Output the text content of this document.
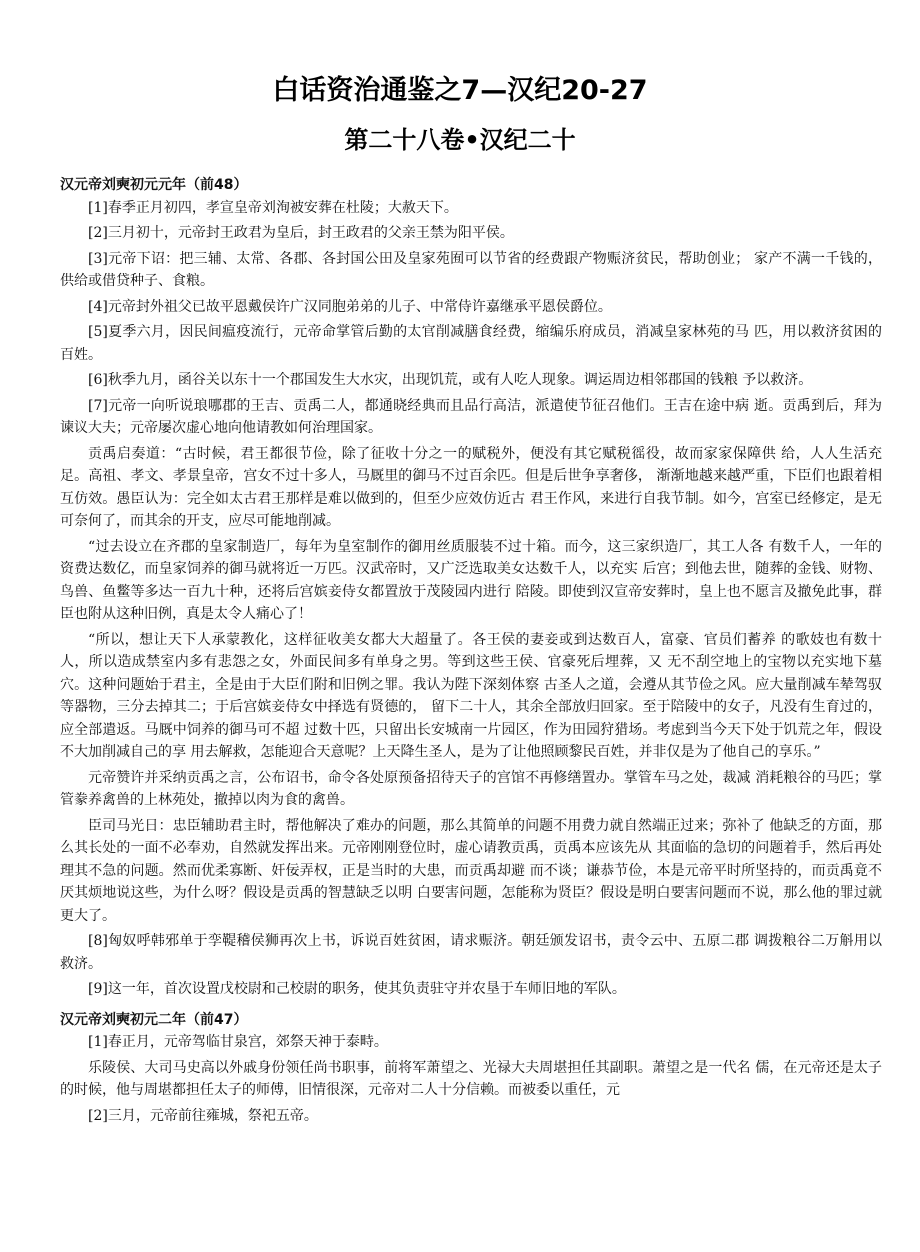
白话资治通鉴之7—汉纪20-27
第二十八卷•汉纪二十
汉元帝刘奭初元元年（前48）

[1]春季正月初四，孝宣皇帝刘洵被安葬在杜陵；大赦天下。

[2]三月初十，元帝封王政君为皇后，封王政君的父亲王禁为阳平侯。

[3]元帝下诏：把三辅、太常、各郡、各封国公田及皇家苑囿可以节省的经费跟产物赈济贫民，帮助创业； 家产不满一千钱的，供给或借贷种子、食粮。

[4]元帝封外祖父已故平恩戴侯许广汉同胞弟弟的儿子、中常侍许嘉继承平恩侯爵位。

[5]夏季六月，因民间瘟疫流行，元帝命掌管后勤的太官削减膳食经费，缩编乐府成员，消减皇家林苑的马 匹，用以救济贫困的百姓。

[6]秋季九月，函谷关以东十一个郡国发生大水灾，出现饥荒，或有人吃人现象。调运周边相邻郡国的钱粮 予以救济。

[7]元帝一向听说琅哪郡的王吉、贡禹二人，都通晓经典而且品行高洁，派遣使节征召他们。王吉在途中病 逝。贡禹到后，拜为谏议大夫；元帝屡次虚心地向他请教如何治理国家。

贡禹启奏道：“古时候，君王都很节俭，除了征收十分之一的赋税外，便没有其它赋税徭役，故而家家保障供 给，人人生活充足。高祖、孝文、孝景皇帝，宫女不过十多人，马厩里的御马不过百余匹。但是后世争享奢侈， 渐渐地越来越严重，下臣们也跟着相互仿效。愚臣认为：完全如太古君王那样是难以做到的，但至少应效仿近古 君王作风，来进行自我节制。如今，宫室已经修定，是无可奈何了，而其余的开支，应尽可能地削减。

“过去设立在齐郡的皇家制造厂，每年为皇室制作的御用丝质服装不过十箱。而今，这三家织造厂，其工人各 有数千人，一年的资费达数亿，而皇家饲养的御马就将近一万匹。汉武帝时，又广泛选取美女达数千人，以充实 后宫；到他去世，随葬的金钱、财物、鸟兽、鱼鳖等多达一百九十种，还将后宫嫔妾侍女都置放于茂陵园内进行 陪陵。即使到汉宣帝安葬时，皇上也不愿言及撤免此事，群臣也附从这种旧例，真是太令人痛心了！

“所以，想让天下人承蒙教化，这样征收美女都大大超量了。各王侯的妻妾或到达数百人，富豪、官员们蓄养 的歌妓也有数十人，所以造成禁室内多有悲怨之女，外面民间多有单身之男。等到这些王侯、官豪死后埋葬，又 无不刮空地上的宝物以充实地下墓穴。这种问题始于君主，全是由于大臣们附和旧例之罪。我认为陛下深刻体察 古圣人之道，会遵从其节俭之风。应大量削减车辇驾驭等器物，三分去掉其二；于后宫嫔妾侍女中择选有贤德的， 留下二十人，其余全部放归回家。至于陪陵中的女子，凡没有生育过的，应全部遣返。马厩中饲养的御马可不超 过数十匹，只留出长安城南一片园区，作为田园狩猎场。考虑到当今天下处于饥荒之年，假设不大加削减自己的享 用去解救，怎能迎合天意呢？上天降生圣人，是为了让他照顾黎民百姓，并非仅是为了他自己的享乐。”

元帝赞许并采纳贡禹之言，公布诏书，命令各处原预备招待天子的宫馆不再修缮置办。掌管车马之处，裁减 消耗粮谷的马匹；掌管豢养禽兽的上林苑处，撤掉以肉为食的禽兽。

臣司马光日：忠臣辅助君主时，帮他解决了难办的问题，那么其简单的问题不用费力就自然端正过来；弥补了 他缺乏的方面，那么其长处的一面不必奉劝，自然就发挥出来。元帝刚刚登位时，虚心请教贡禹，贡禹本应该先从 其面临的急切的问题着手，然后再处理其不急的问题。然而优柔寡断、奸佞弄权，正是当时的大患，而贡禹却避 而不谈；谦恭节俭，本是元帝平时所坚持的，而贡禹竟不厌其烦地说这些，为什么呀？假设是贡禹的智慧缺乏以明 白要害问题，怎能称为贤臣？假设是明白要害问题而不说，那么他的罪过就更大了。

[8]匈奴呼韩邪单于孪鞮稽侯狮再次上书，诉说百姓贫困，请求赈济。朝廷颁发诏书，责令云中、五原二郡 调拨粮谷二万斛用以救济。

[9]这一年，首次设置戊校尉和己校尉的职务，使其负责驻守并农垦于车师旧地的军队。

汉元帝刘奭初元二年（前47）

[1]春正月，元帝驾临甘泉宫，郊祭天神于泰畤。

乐陵侯、大司马史高以外戚身份领任尚书职事，前将军萧望之、光禄大夫周堪担任其副职。萧望之是一代名 儒，在元帝还是太子的时候，他与周堪都担任太子的师傅，旧情很深，元帝对二人十分信赖。而被委以重任，元

[2]三月，元帝前往雍城，祭祀五帝。
